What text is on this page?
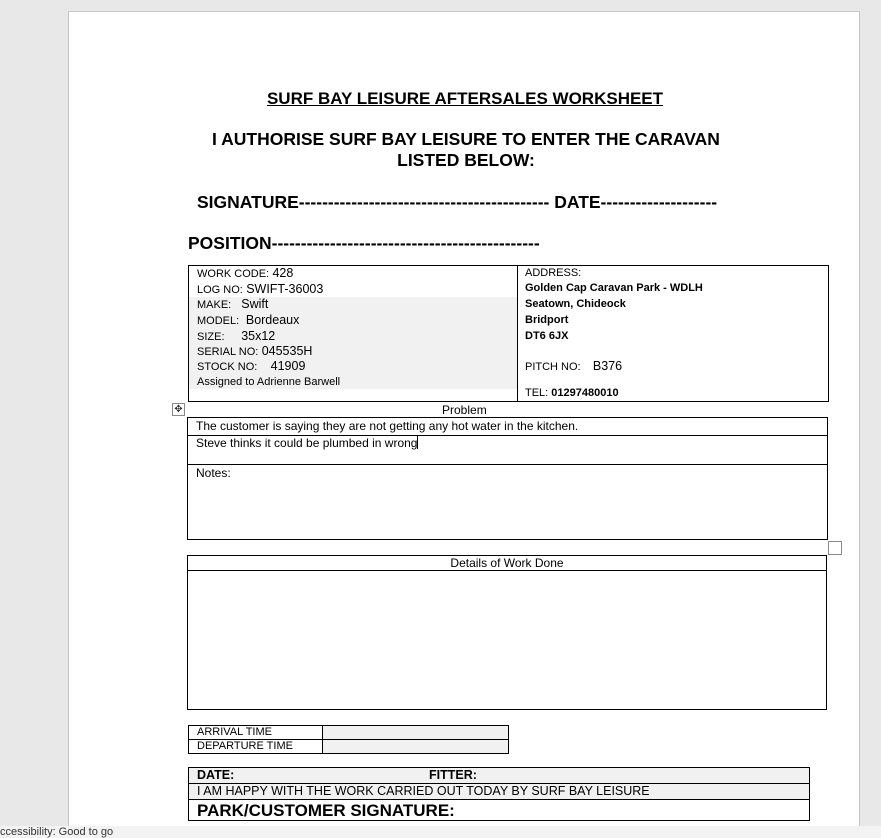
SURF BAY LEISURE AFTERSALES WORKSHEET
I AUTHORISE SURF BAY LEISURE TO ENTER THE CARAVAN LISTED BELOW:
SIGNATURE------------------------------------------- DATE--------------------
POSITION----------------------------------------------
WORK CODE: 428
LOG NO: SWIFT-36003
MAKE: Swift
MODEL: Bordeaux
SIZE: 35x12
SERIAL NO: 045535H
STOCK NO: 41909
Assigned to Adrienne Barwell
ADDRESS:
Golden Cap Caravan Park - WDLH
Seatown, Chideock
Bridport
DT6 6JX
PITCH NO: B376
TEL: 01297480010
✥	Problem
The customer is saying they are not getting any hot water in the kitchen.
Steve thinks it could be plumbed in wrong
Notes:
Details of Work Done
ARRIVAL TIME
DEPARTURE TIME
DATE:	FITTER:
I AM HAPPY WITH THE WORK CARRIED OUT TODAY BY SURF BAY LEISURE
PARK/CUSTOMER SIGNATURE:
ccessibility: Good to go
